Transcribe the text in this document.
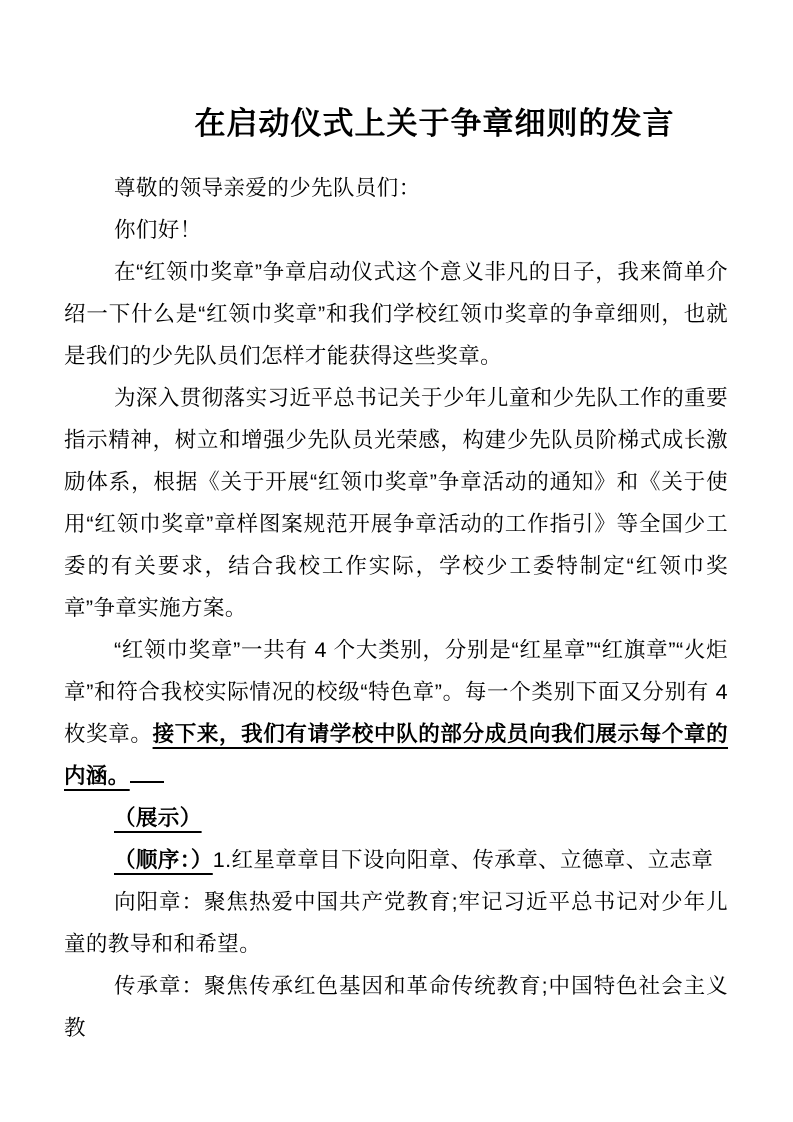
在启动仪式上关于争章细则的发言

尊敬的领导亲爱的少先队员们：

你们好！

在“红领巾奖章”争章启动仪式这个意义非凡的日子，我来简单介绍一下什么是“红领巾奖章”和我们学校红领巾奖章的争章细则，也就是我们的少先队员们怎样才能获得这些奖章。

为深入贯彻落实习近平总书记关于少年儿童和少先队工作的重要指示精神，树立和增强少先队员光荣感，构建少先队员阶梯式成长激励体系，根据《关于开展“红领巾奖章”争章活动的通知》和《关于使用“红领巾奖章”章样图案规范开展争章活动的工作指引》等全国少工委的有关要求，结合我校工作实际，学校少工委特制定“红领巾奖章”争章实施方案。

“红领巾奖章”一共有 4 个大类别，分别是“红星章”“红旗章”“火炬章”和符合我校实际情况的校级“特色章”。每一个类别下面又分别有 4 枚奖章。接下来，我们有请学校中队的部分成员向我们展示每个章的内涵。

（展示）

（顺序：）1.红星章章目下设向阳章、传承章、立德章、立志章

向阳章：聚焦热爱中国共产党教育;牢记习近平总书记对少年儿童的教导和和希望。

传承章：聚焦传承红色基因和革命传统教育;中国特色社会主义教
